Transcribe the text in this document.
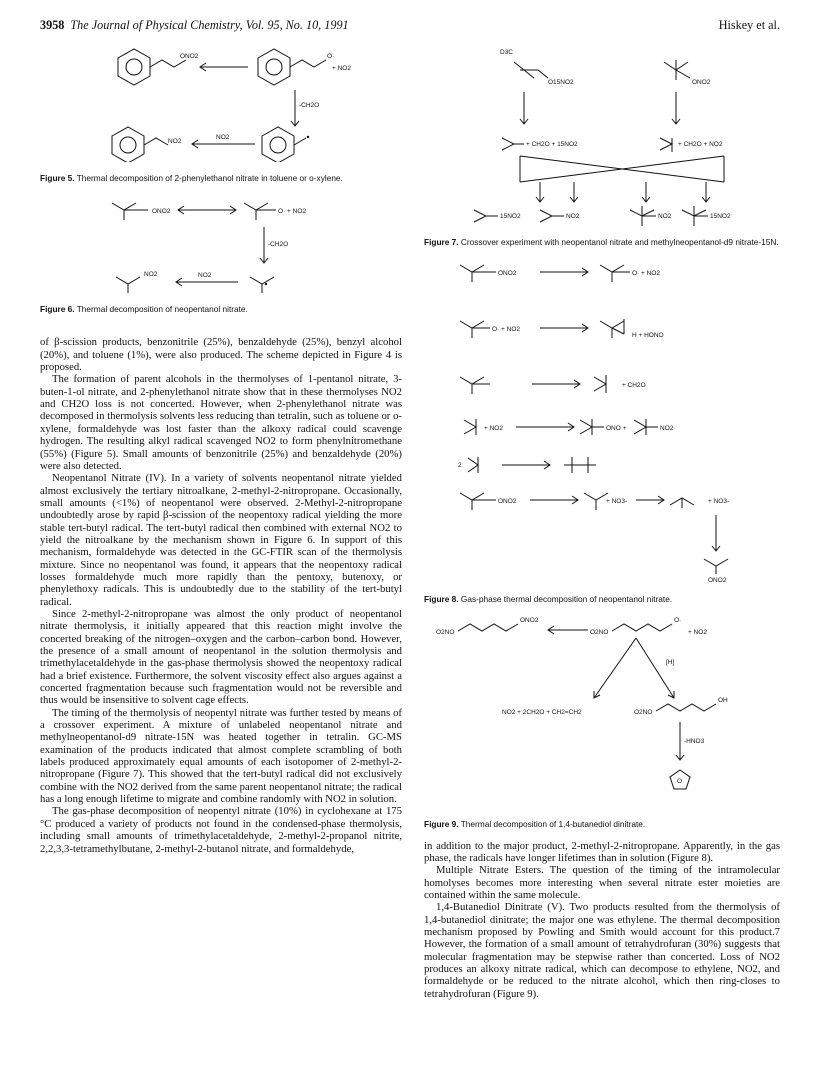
3958 The Journal of Physical Chemistry, Vol. 95, No. 10, 1991	Hiskey et al.
ONO2	O·
+ NO2
-CH2O
NO2
NO2

Figure 5. Thermal decomposition of 2-phenylethanol nitrate in toluene or o-xylene.

ONO2	O· + NO2
-CH2O
NO2	NO2

Figure 6. Thermal decomposition of neopentanol nitrate.

of β-scission products, benzonitrile (25%), benzaldehyde (25%), benzyl alcohol (20%), and toluene (1%), were also produced. The scheme depicted in Figure 4 is proposed.

The formation of parent alcohols in the thermolyses of 1-pentanol nitrate, 3-buten-1-ol nitrate, and 2-phenylethanol nitrate show that in these thermolyses NO2 and CH2O loss is not concerted. However, when 2-phenylethanol nitrate was decomposed in thermolysis solvents less reducing than tetralin, such as toluene or o-xylene, formaldehyde was lost faster than the alkoxy radical could scavenge hydrogen. The resulting alkyl radical scavenged NO2 to form phenylnitromethane (55%) (Figure 5). Small amounts of benzonitrile (25%) and benzaldehyde (20%) were also detected.

Neopentanol Nitrate (IV). In a variety of solvents neopentanol nitrate yielded almost exclusively the tertiary nitroalkane, 2-methyl-2-nitropropane. Occasionally, small amounts (<1%) of neopentanol were observed. 2-Methyl-2-nitropropane undoubtedly arose by rapid β-scission of the neopentoxy radical yielding the more stable tert-butyl radical. The tert-butyl radical then combined with external NO2 to yield the nitroalkane by the mechanism shown in Figure 6. In support of this mechanism, formaldehyde was detected in the GC-FTIR scan of the thermolysis mixture. Since no neopentanol was found, it appears that the neopentoxy radical losses formaldehyde much more rapidly than the pentoxy, butenoxy, or phenylethoxy radicals. This is undoubtedly due to the stability of the tert-butyl radical.

Since 2-methyl-2-nitropropane was almost the only product of neopentanol nitrate thermolysis, it initially appeared that this reaction might involve the concerted breaking of the nitrogen–oxygen and the carbon–carbon bond. However, the presence of a small amount of neopentanol in the solution thermolysis and trimethylacetaldehyde in the gas-phase thermolysis showed the neopentoxy radical had a brief existence. Furthermore, the solvent viscosity effect also argues against a concerted fragmentation because such fragmentation would not be reversible and thus would be insensitive to solvent cage effects.

The timing of the thermolysis of neopentyl nitrate was further tested by means of a crossover experiment. A mixture of unlabeled neopentanol nitrate and methylneopentanol-d9 nitrate-15N was heated together in tetralin. GC-MS examination of the products indicated that almost complete scrambling of both labels produced approximately equal amounts of each isotopomer of 2-methyl-2-nitropropane (Figure 7). This showed that the tert-butyl radical did not exclusively combine with the NO2 derived from the same parent neopentanol nitrate; the radical has a long enough lifetime to migrate and combine randomly with NO2 in solution.

The gas-phase decomposition of neopentyl nitrate (10%) in cyclohexane at 175 °C produced a variety of products not found in the condensed-phase thermolysis, including small amounts of trimethylacetaldehyde, 2-methyl-2-propanol nitrite, 2,2,3,3-tetramethylbutane, 2-methyl-2-butanol nitrate, and formaldehyde,

D3C
O15NO2	ONO2
+ CH2O + 15NO2	+ CH2O + NO2
15NO2	NO2	NO2	15NO2

Figure 7. Crossover experiment with neopentanol nitrate and methylneopentanol-d9 nitrate-15N.

ONO2	O· + NO2
O· + NO2
H + HONO
+ CH2O
+ NO2	ONO +	NO2
2
ONO2	+ NO3-	+ NO3-
ONO2

Figure 8. Gas-phase thermal decomposition of neopentanol nitrate.

O2NO
ONO2
O2NO
O·
+ NO2
[H]
NO2 + 2CH2O + CH2=CH2	O2NO
OH
-HNO3
O

Figure 9. Thermal decomposition of 1,4-butanediol dinitrate.

in addition to the major product, 2-methyl-2-nitropropane. Apparently, in the gas phase, the radicals have longer lifetimes than in solution (Figure 8).

Multiple Nitrate Esters. The question of the timing of the intramolecular homolyses becomes more interesting when several nitrate ester moieties are contained within the same molecule.

1,4-Butanediol Dinitrate (V). Two products resulted from the thermolysis of 1,4-butanediol dinitrate; the major one was ethylene. The thermal decomposition mechanism proposed by Powling and Smith would account for this product.7 However, the formation of a small amount of tetrahydrofuran (30%) suggests that molecular fragmentation may be stepwise rather than concerted. Loss of NO2 produces an alkoxy nitrate radical, which can decompose to ethylene, NO2, and formaldehyde or be reduced to the nitrate alcohol, which then ring-closes to tetrahydrofuran (Figure 9).
